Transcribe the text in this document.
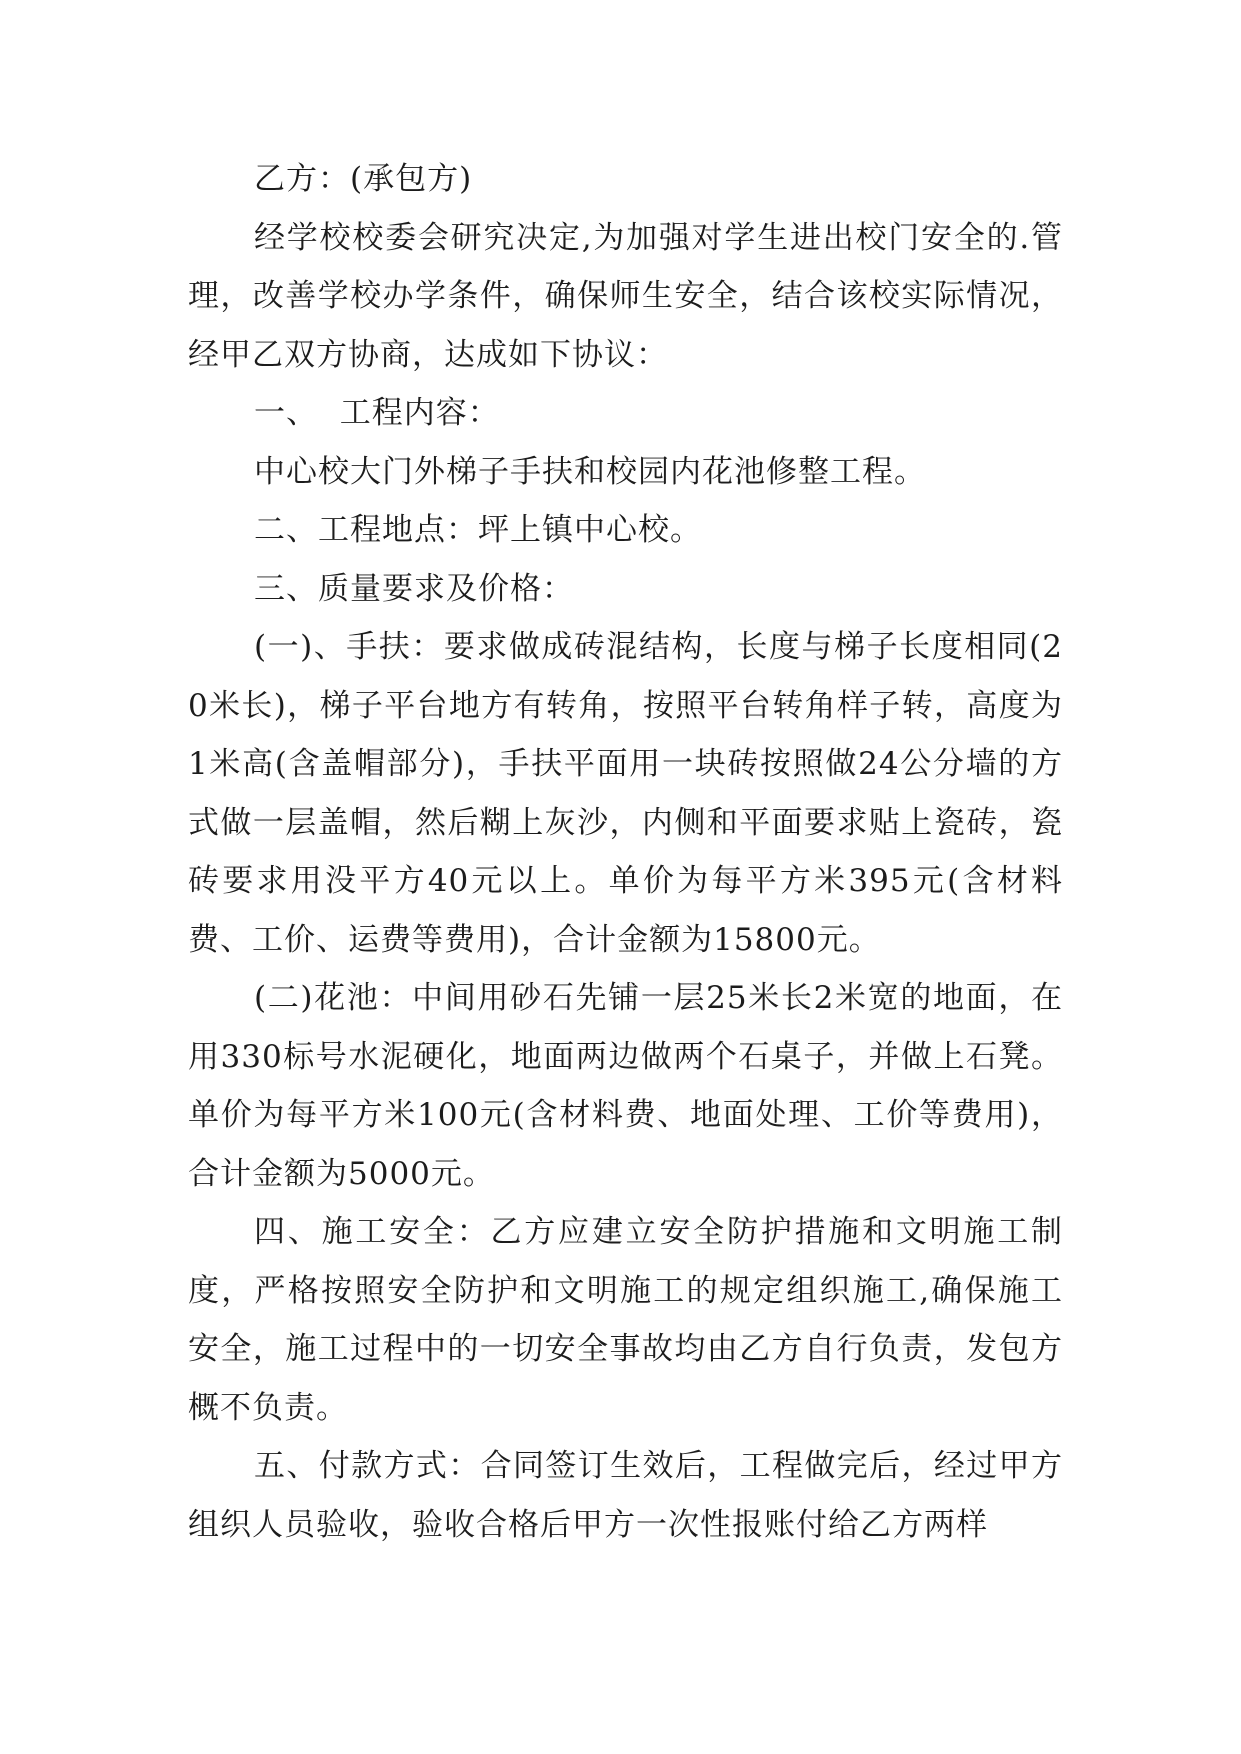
乙方：(承包方)

经学校校委会研究决定,为加强对学生进出校门安全的.管理，改善学校办学条件，确保师生安全，结合该校实际情况，经甲乙双方协商，达成如下协议：

一、  工程内容：

中心校大门外梯子手扶和校园内花池修整工程。

二、工程地点：坪上镇中心校。

三、质量要求及价格：

(一)、手扶：要求做成砖混结构，长度与梯子长度相同(20米长)，梯子平台地方有转角，按照平台转角样子转，高度为1米高(含盖帽部分)，手扶平面用一块砖按照做24公分墙的方式做一层盖帽，然后糊上灰沙，内侧和平面要求贴上瓷砖，瓷砖要求用没平方40元以上。单价为每平方米395元(含材料费、工价、运费等费用)，合计金额为15800元。

(二)花池：中间用砂石先铺一层25米长2米宽的地面，在用330标号水泥硬化，地面两边做两个石桌子，并做上石凳。单价为每平方米100元(含材料费、地面处理、工价等费用)，合计金额为5000元。

四、施工安全：乙方应建立安全防护措施和文明施工制度，严格按照安全防护和文明施工的规定组织施工,确保施工 安全，施工过程中的一切安全事故均由乙方自行负责，发包方概不负责。

五、付款方式：合同签订生效后，工程做完后，经过甲方组织人员验收，验收合格后甲方一次性报账付给乙方两样
